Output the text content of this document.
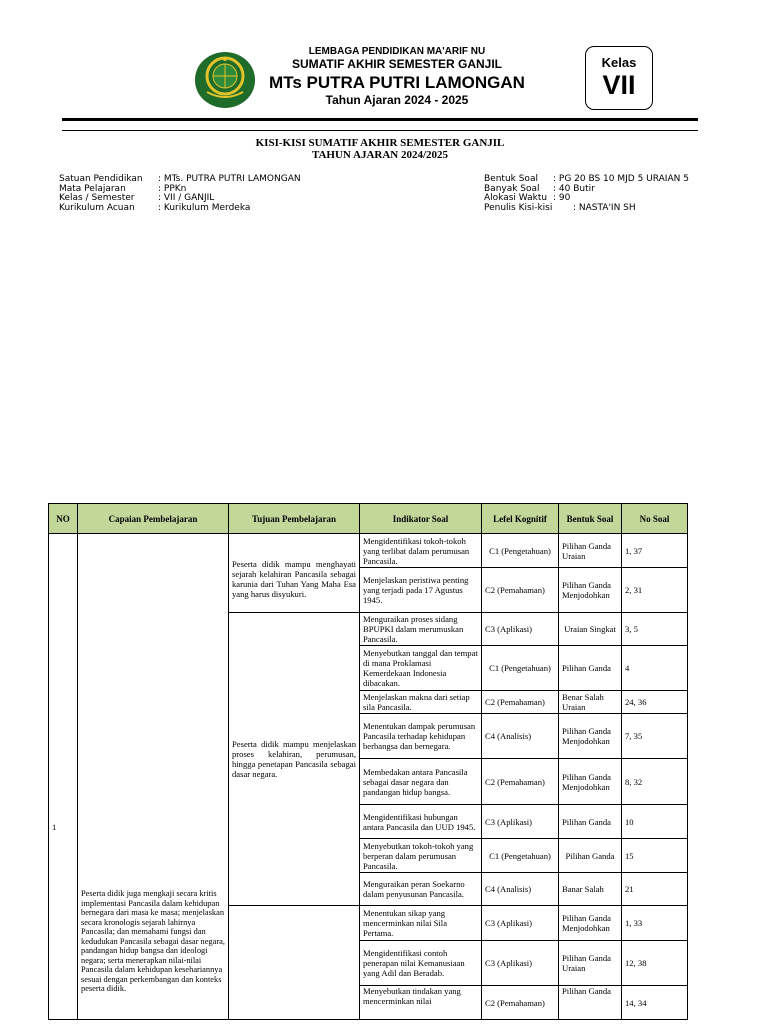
LEMBAGA PENDIDIKAN MA'ARIF NU
SUMATIF AKHIR SEMESTER GANJIL
MTs PUTRA PUTRI LAMONGAN
Tahun Ajaran 2024 - 2025
Kelas
VII
KISI-KISI SUMATIF AKHIR SEMESTER GANJIL
TAHUN AJARAN 2024/2025
Satuan Pendidikan	: MTs. PUTRA PUTRI LAMONGAN
Mata Pelajaran	: PPKn
Kelas / Semester	: VII / GANJIL
Kurikulum Acuan	: Kurikulum Merdeka
Bentuk Soal	: PG 20 BS 10 MJD 5 URAIAN 5
Banyak Soal	: 40 Butir
Alokasi Waktu : 90
Penulis Kisi-kisi	: NASTA'IN SH
NO	Capaian Pembelajaran	Tujuan Pembelajaran	Indikator Soal	Lefel Kognitif	Bentuk Soal	No Soal
1	Peserta didik juga mengkaji secara kritis implementasi Pancasila dalam kehidupan bernegara dari masa ke masa; menjelaskan secara kronologis sejarah lahirnya Pancasila; dan memahami fungsi dan kedudukan Pancasila sebagai dasar negara, pandangan hidup bangsa dan ideologi negara; serta menerapkan nilai-nilai Pancasila dalam kehidupan kesehariannya sesuai dengan perkembangan dan konteks peserta didik.	Peserta didik mampu menghayati sejarah kelahiran Pancasila sebagai karunia dari Tuhan Yang Maha Esa yang harus disyukuri.	Mengidentifikasi tokoh-tokoh yang terlibat dalam perumusan Pancasila.	C1 (Pengetahuan)	Pilihan Ganda Uraian	1, 37
			Menjelaskan peristiwa penting yang terjadi pada 17 Agustus 1945.	C2 (Pemahaman)	Pilihan Ganda Menjodohkan	2, 31
		Peserta didik mampu menjelaskan proses kelahiran, perumusan, hingga penetapan Pancasila sebagai dasar negara.	Menguraikan proses sidang BPUPKI dalam merumuskan Pancasila.	C3 (Aplikasi)	Uraian Singkat	3, 5
			Menyebutkan tanggal dan tempat di mana Proklamasi Kemerdekaan Indonesia dibacakan.	C1 (Pengetahuan)	Pilihan Ganda	4
			Menjelaskan makna dari setiap sila Pancasila.	C2 (Pemahaman)	Benar Salah Uraian	24, 36
			Menentukan dampak perumusan Pancasila terhadap kehidupan berbangsa dan bernegara.	C4 (Analisis)	Pilihan Ganda Menjodohkan	7, 35
			Membedakan antara Pancasila sebagai dasar negara dan pandangan hidup bangsa.	C2 (Pemahaman)	Pilihan Ganda Menjodohkan	8, 32
			Mengidentifikasi hubungan antara Pancasila dan UUD 1945.	C3 (Aplikasi)	Pilihan Ganda	10
			Menyebutkan tokoh-tokoh yang berperan dalam perumusan Pancasila.	C1 (Pengetahuan)	Pilihan Ganda	15
			Menguraikan peran Soekarno dalam penyusunan Pancasila.	C4 (Analisis)	Banar Salah	21
			Menentukan sikap yang mencerminkan nilai Sila Pertama.	C3 (Aplikasi)	Pilihan Ganda Menjodohkan	1, 33
			Mengidentifikasi contoh penerapan nilai Kemanusiaan yang Adil dan Beradab.	C3 (Aplikasi)	Pilihan Ganda Uraian	12, 38
			Menyebutkan tindakan yang mencerminkan nilai	C2 (Pemahaman)	Pilihan Ganda	14, 34
